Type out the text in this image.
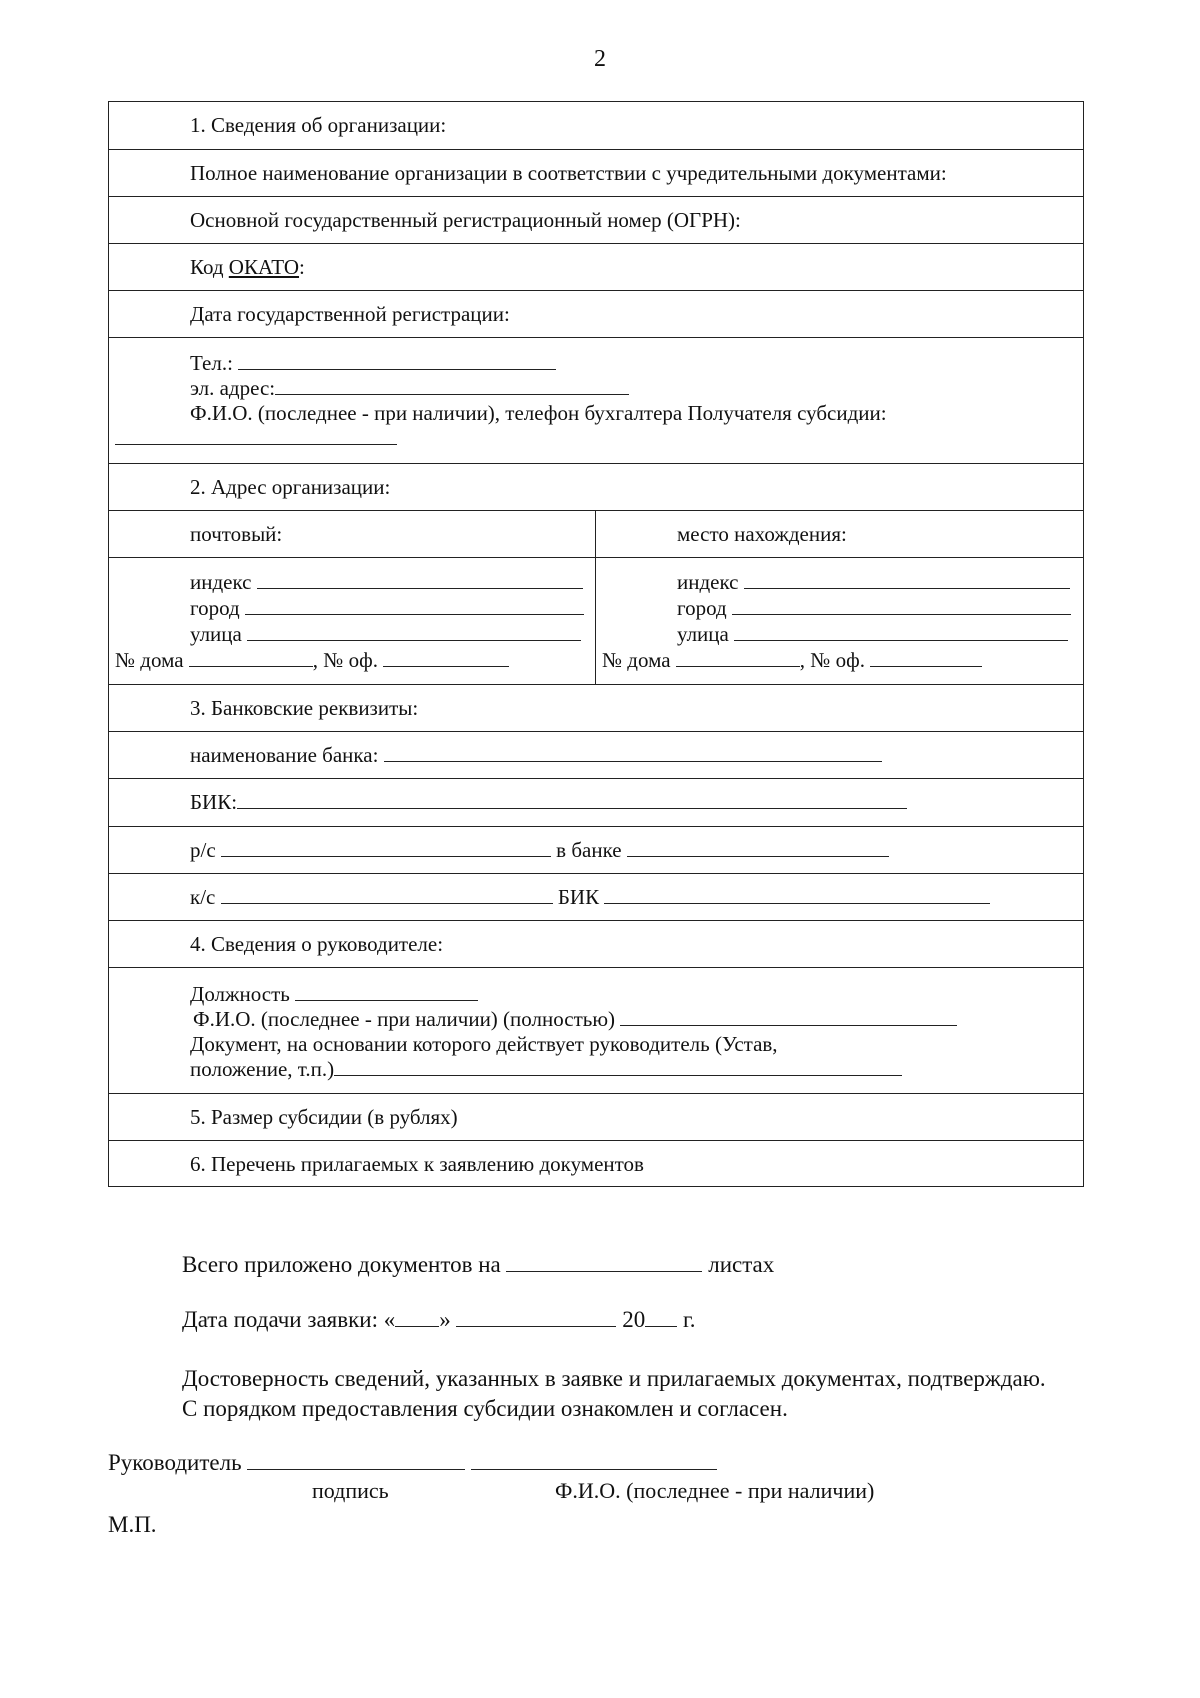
2
1. Сведения об организации:
Полное наименование организации в соответствии с учредительными документами:
Основной государственный регистрационный номер (ОГРН):
Код ОКАТО:
Дата государственной регистрации:
Тел.:
эл. адрес:
Ф.И.О. (последнее - при наличии), телефон бухгалтера Получателя субсидии:
2. Адрес организации:
почтовый:	место нахождения:
индекс
город
улица
№ дома	, № оф.
индекс
город
улица
№ дома	, № оф.
3. Банковские реквизиты:
наименование банка:
БИК:
р/с	в банке
к/с	БИК
4. Сведения о руководителе:
Должность
Ф.И.О. (последнее - при наличии) (полностью)
Документ, на основании которого действует руководитель (Устав,
положение, т.п.)
5. Размер субсидии (в рублях)
6. Перечень прилагаемых к заявлению документов
Всего приложено документов на	листах
Дата подачи заявки: « »	20 г.
Достоверность сведений, указанных в заявке и прилагаемых документах, подтверждаю.
С порядком предоставления субсидии ознакомлен и согласен.
Руководитель
подпись	Ф.И.О. (последнее - при наличии)
М.П.
